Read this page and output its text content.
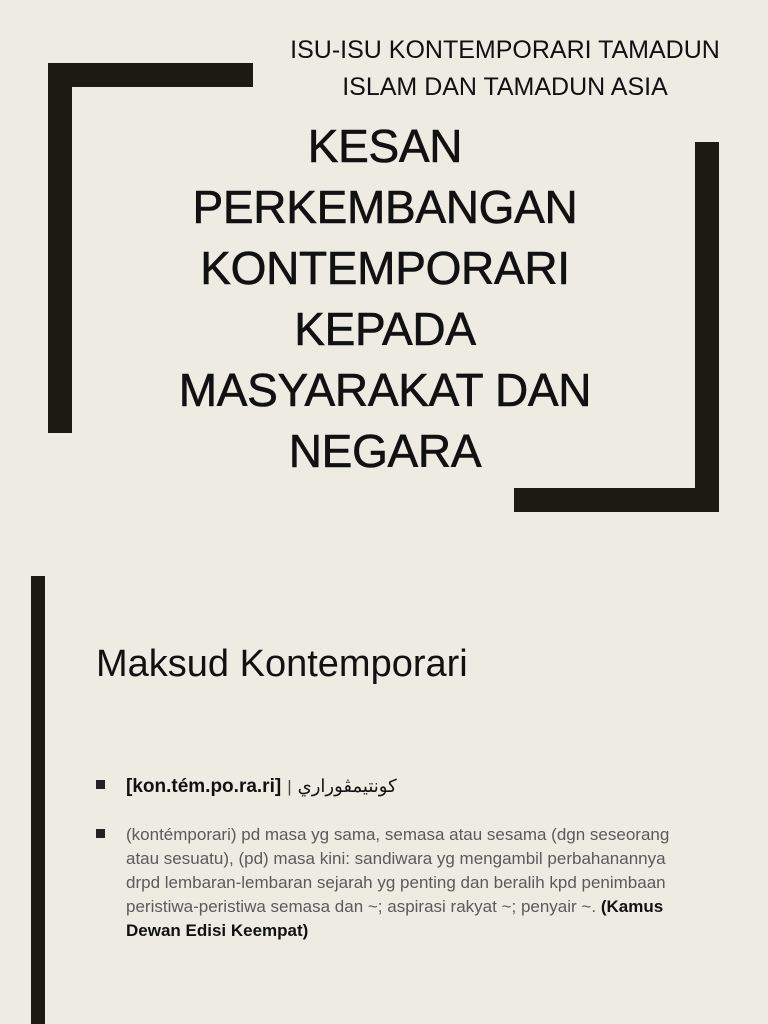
ISU-ISU KONTEMPORARI TAMADUN
ISLAM DAN TAMADUN ASIA
KESAN
PERKEMBANGAN
KONTEMPORARI
KEPADA
MASYARAKAT DAN
NEGARA
Maksud Kontemporari
[kon.tém.po.ra.ri] | کونتيمڤوراري
(kontémporari) pd masa yg sama, semasa atau sesama (dgn seseorang atau sesuatu), (pd) masa kini: sandiwara yg mengambil perbahanannya drpd lembaran-lembaran sejarah yg penting dan beralih kpd penimbaan peristiwa-peristiwa semasa dan ~; aspirasi rakyat ~; penyair ~. (Kamus Dewan Edisi Keempat)
